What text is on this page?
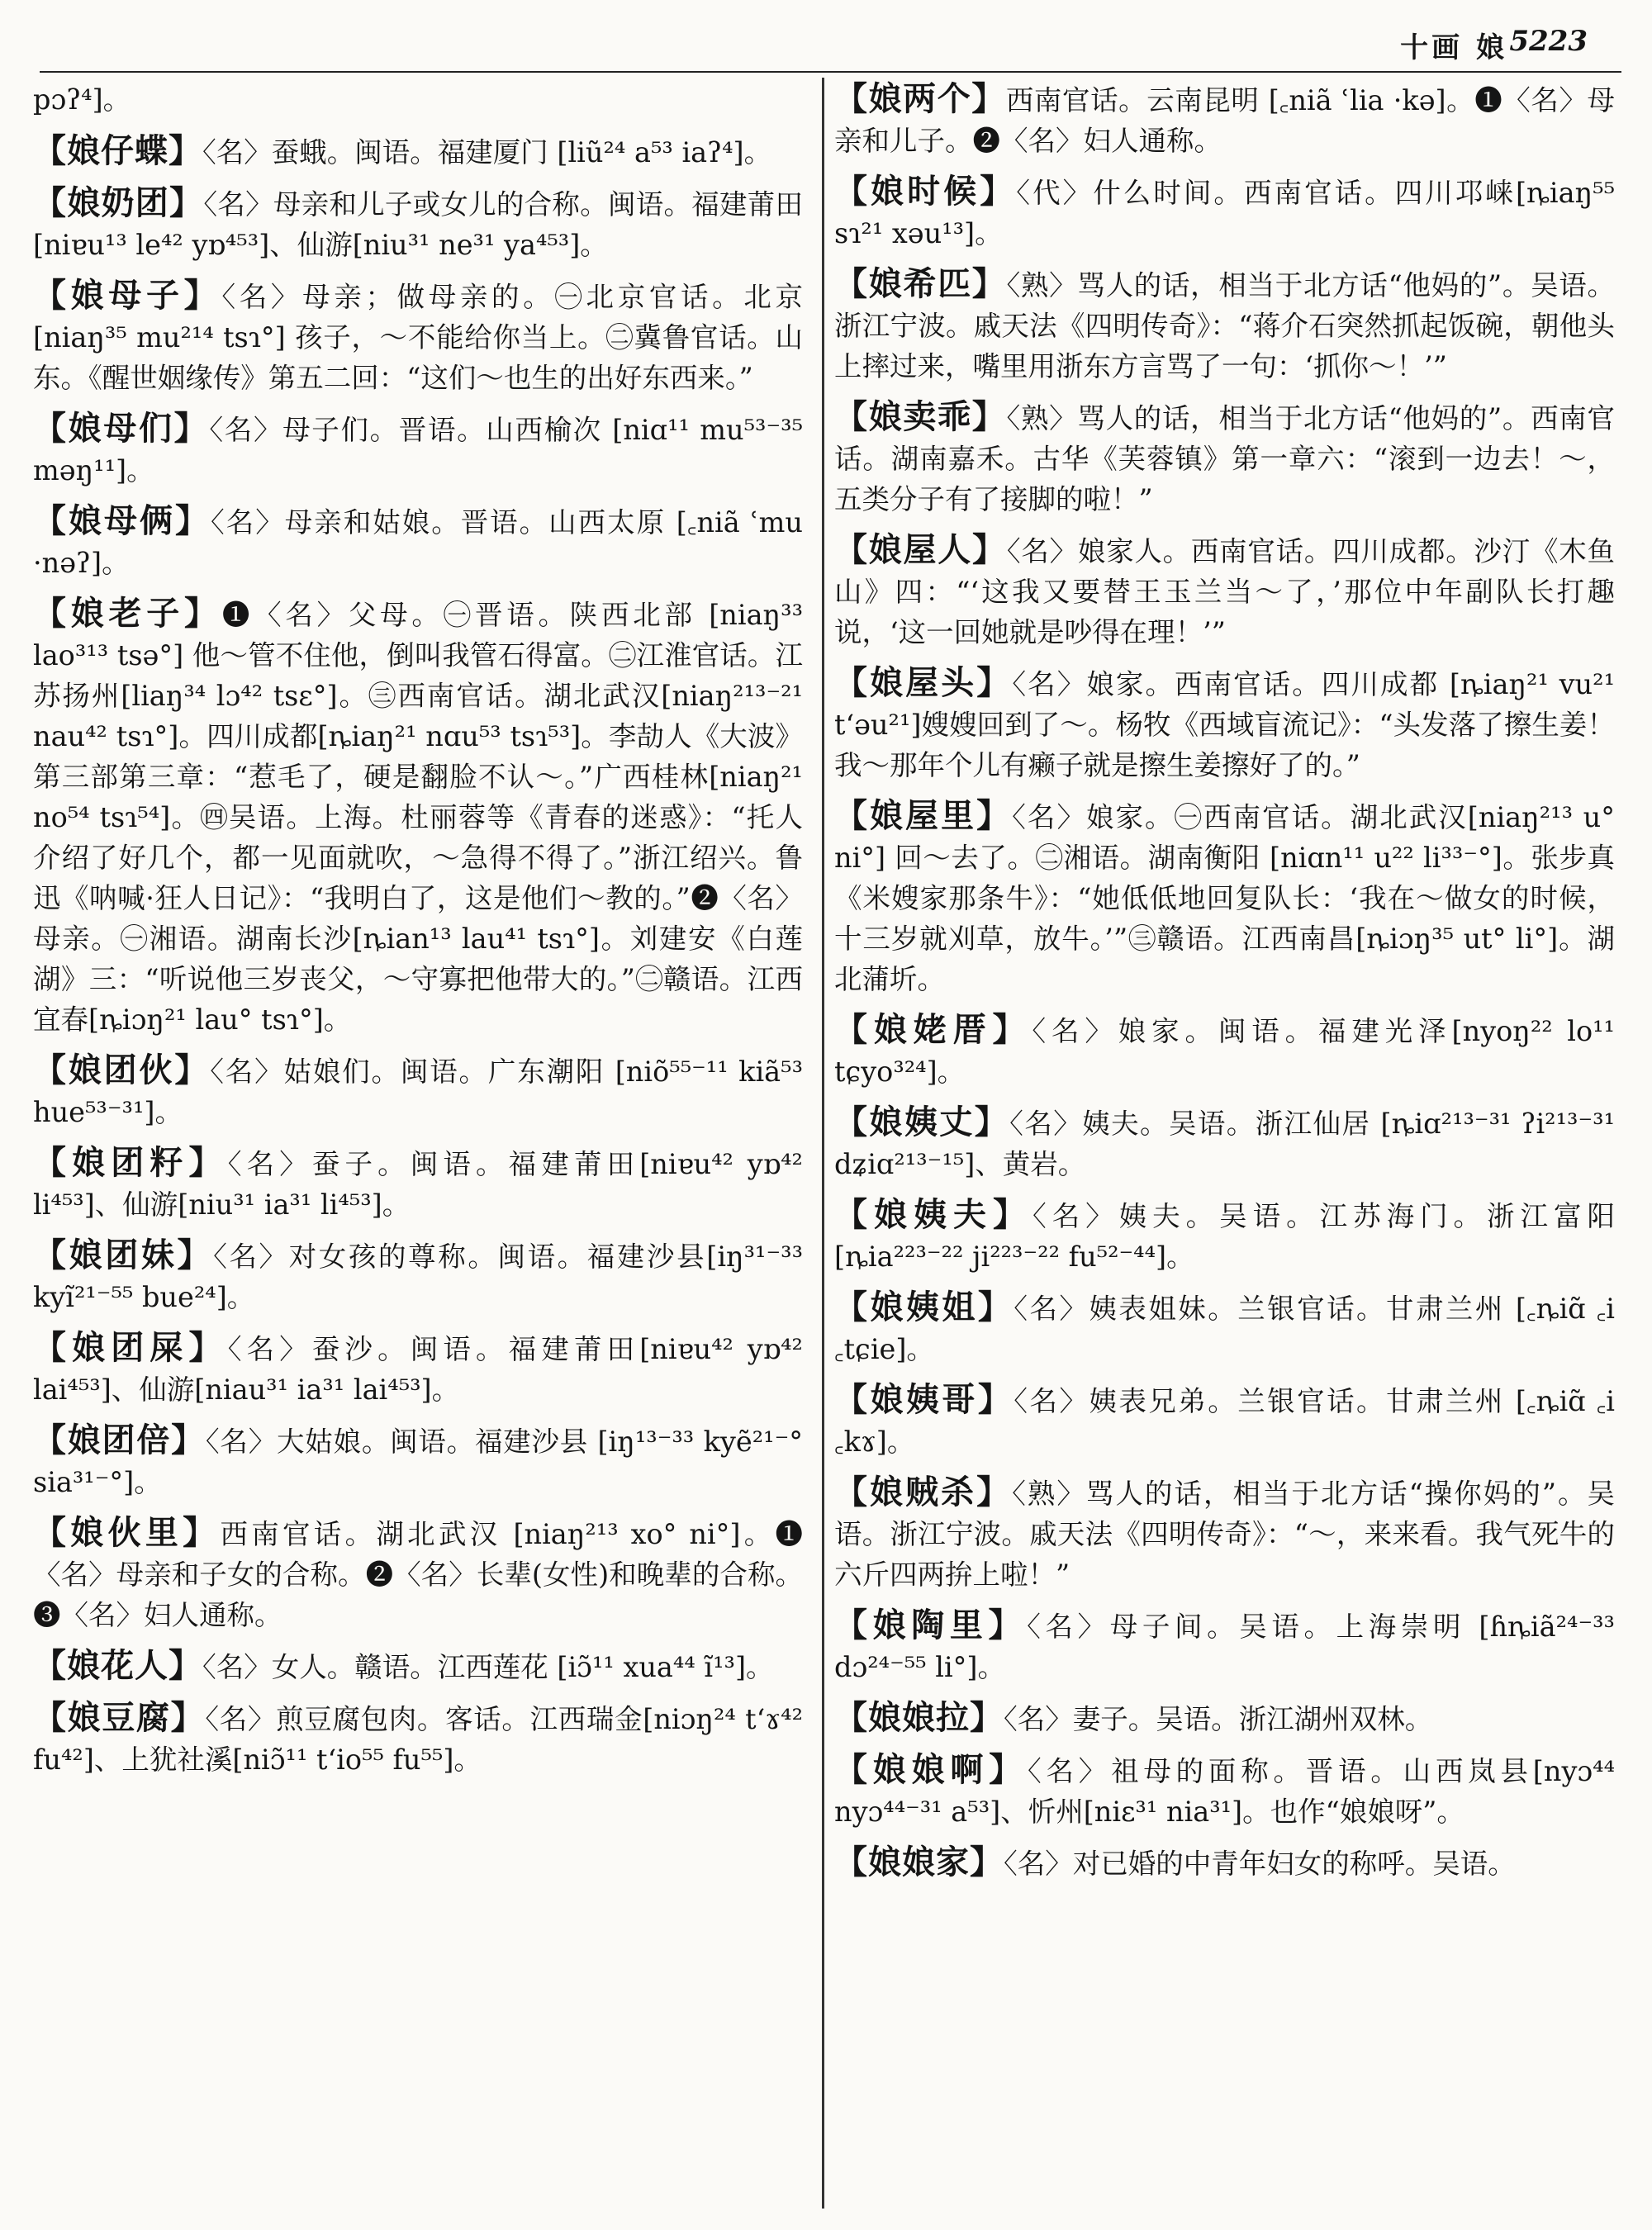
十画 娘 5223

pɔʔ⁴]。

【娘仔蝶】〈名〉蚕蛾。闽语。福建厦门 [liũ²⁴ a⁵³ iaʔ⁴]。

【娘奶团】〈名〉母亲和儿子或女儿的合称。闽语。福建莆田[niɐu¹³ le⁴² yɒ⁴⁵³]、仙游[niu³¹ ne³¹ ya⁴⁵³]。

【娘母子】〈名〉母亲；做母亲的。㊀北京官话。北京[niaŋ³⁵ mu²¹⁴ tsɿ°] 孩子，～不能给你当上。㊁冀鲁官话。山东。《醒世姻缘传》第五二回：“这们～也生的出好东西来。”

【娘母们】〈名〉母子们。晋语。山西榆次 [niɑ¹¹ mu⁵³⁻³⁵ məŋ¹¹]。

【娘母俩】〈名〉母亲和姑娘。晋语。山西太原 [꜀niã ʿmu ·nəʔ]。

【娘老子】❶〈名〉父母。㊀晋语。陕西北部 [niaŋ³³ lao³¹³ tsə°] 他～管不住他，倒叫我管石得富。㊁江淮官话。江苏扬州[liaŋ³⁴ lɔ⁴² tsɛ°]。㊂西南官话。湖北武汉[niaŋ²¹³⁻²¹ nau⁴² tsɿ°]。四川成都[ȵiaŋ²¹ nɑu⁵³ tsɿ⁵³]。李劼人《大波》第三部第三章：“惹毛了，硬是翻脸不认～。”广西桂林[niaŋ²¹ no⁵⁴ tsɿ⁵⁴]。㊃吴语。上海。杜丽蓉等《青春的迷惑》：“托人介绍了好几个，都一见面就吹，～急得不得了。”浙江绍兴。鲁迅《呐喊·狂人日记》：“我明白了，这是他们～教的。”❷〈名〉母亲。㊀湘语。湖南长沙[ȵian¹³ lau⁴¹ tsɿ°]。刘建安《白莲湖》三：“听说他三岁丧父，～守寡把他带大的。”㊁赣语。江西宜春[ȵiɔŋ²¹ lau° tsɿ°]。

【娘团伙】〈名〉姑娘们。闽语。广东潮阳 [niõ⁵⁵⁻¹¹ kiã⁵³ hue⁵³⁻³¹]。

【娘团籽】〈名〉蚕子。闽语。福建莆田[niɐu⁴² yɒ⁴² li⁴⁵³]、仙游[niu³¹ ia³¹ li⁴⁵³]。

【娘团妹】〈名〉对女孩的尊称。闽语。福建沙县[iŋ³¹⁻³³ kyĩ²¹⁻⁵⁵ bue²⁴]。

【娘团屎】〈名〉蚕沙。闽语。福建莆田[niɐu⁴² yɒ⁴² lai⁴⁵³]、仙游[niau³¹ ia³¹ lai⁴⁵³]。

【娘团倍】〈名〉大姑娘。闽语。福建沙县 [iŋ¹³⁻³³ kyẽ²¹⁻° sia³¹⁻°]。

【娘伙里】西南官话。湖北武汉 [niaŋ²¹³ xo° ni°]。❶〈名〉母亲和子女的合称。❷〈名〉长辈(女性)和晚辈的合称。❸〈名〉妇人通称。

【娘花人】〈名〉女人。赣语。江西莲花 [iɔ̃¹¹ xua⁴⁴ ĩ¹³]。

【娘豆腐】〈名〉煎豆腐包肉。客话。江西瑞金[niɔŋ²⁴ tʻɤ⁴² fu⁴²]、上犹社溪[niɔ̃¹¹ tʻio⁵⁵ fu⁵⁵]。

【娘两个】西南官话。云南昆明 [꜀niã ʿlia ·kə]。❶〈名〉母亲和儿子。❷〈名〉妇人通称。

【娘时候】〈代〉什么时间。西南官话。四川邛崃[ȵiaŋ⁵⁵ sɿ²¹ xəu¹³]。

【娘希匹】〈熟〉骂人的话，相当于北方话“他妈的”。吴语。浙江宁波。戚天法《四明传奇》：“蒋介石突然抓起饭碗，朝他头上摔过来，嘴里用浙东方言骂了一句：‘抓你～！’”

【娘卖乖】〈熟〉骂人的话，相当于北方话“他妈的”。西南官话。湖南嘉禾。古华《芙蓉镇》第一章六：“滚到一边去！～，五类分子有了接脚的啦！”

【娘屋人】〈名〉娘家人。西南官话。四川成都。沙汀《木鱼山》四：“‘这我又要替王玉兰当～了，’那位中年副队长打趣说，‘这一回她就是吵得在理！’”

【娘屋头】〈名〉娘家。西南官话。四川成都 [ȵiaŋ²¹ vu²¹ tʻəu²¹]嫂嫂回到了～。杨牧《西域盲流记》：“头发落了擦生姜！我～那年个儿有癞子就是擦生姜擦好了的。”

【娘屋里】〈名〉娘家。㊀西南官话。湖北武汉[niaŋ²¹³ u° ni°] 回～去了。㊁湘语。湖南衡阳 [niɑn¹¹ u²² li³³⁻°]。张步真《米嫂家那条牛》：“她低低地回复队长：‘我在～做女的时候，十三岁就刈草，放牛。’”㊂赣语。江西南昌[ȵiɔŋ³⁵ ut° li°]。湖北蒲圻。

【娘姥厝】〈名〉娘家。闽语。福建光泽[nyoŋ²² lo¹¹ tɕyo³²⁴]。

【娘姨丈】〈名〉姨夫。吴语。浙江仙居 [ȵiɑ²¹³⁻³¹ ʔi²¹³⁻³¹ dʑiɑ²¹³⁻¹⁵]、黄岩。

【娘姨夫】〈名〉姨夫。吴语。江苏海门。浙江富阳 [ȵia²²³⁻²² ji²²³⁻²² fu⁵²⁻⁴⁴]。

【娘姨姐】〈名〉姨表姐妹。兰银官话。甘肃兰州 [꜀ȵiɑ̃ ꜀i ꜀tɕie]。

【娘姨哥】〈名〉姨表兄弟。兰银官话。甘肃兰州 [꜀ȵiɑ̃ ꜀i ꜀kɤ]。

【娘贼杀】〈熟〉骂人的话，相当于北方话“操你妈的”。吴语。浙江宁波。戚天法《四明传奇》：“～，来来看。我气死牛的六斤四两拚上啦！”

【娘陶里】〈名〉母子间。吴语。上海崇明 [ɦȵiã²⁴⁻³³ dɔ²⁴⁻⁵⁵ li°]。

【娘娘拉】〈名〉妻子。吴语。浙江湖州双林。

【娘娘啊】〈名〉祖母的面称。晋语。山西岚县[nyɔ⁴⁴ nyɔ⁴⁴⁻³¹ a⁵³]、忻州[niɛ³¹ nia³¹]。也作“娘娘呀”。

【娘娘家】〈名〉对已婚的中青年妇女的称呼。吴语。
